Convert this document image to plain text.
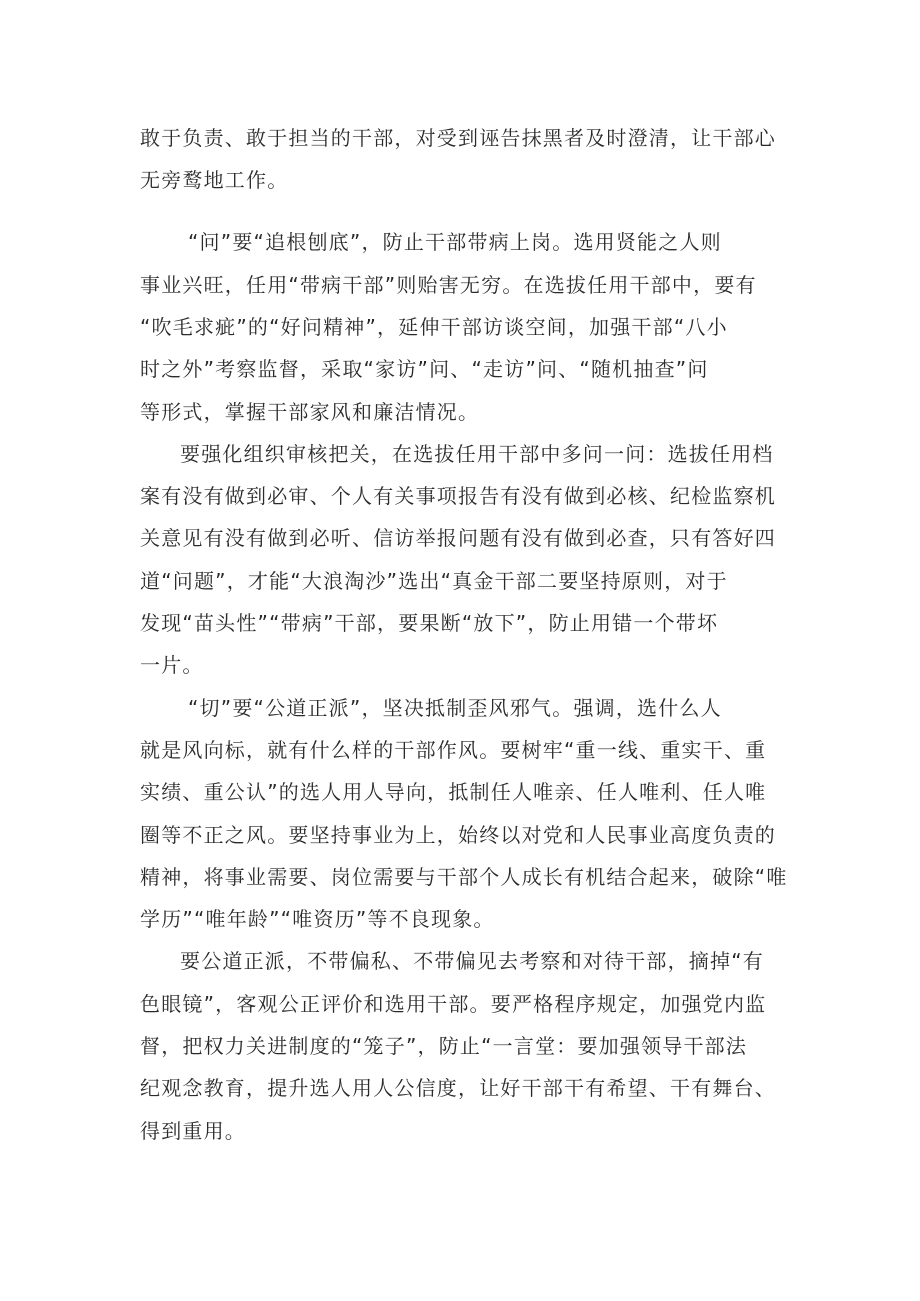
敢于负责、敢于担当的干部，对受到诬告抹黑者及时澄清，让干部心
无旁鹜地工作。
“问”要“追根刨底”，防止干部带病上岗。选用贤能之人则
事业兴旺，任用“带病干部”则贻害无穷。在选拔任用干部中，要有
“吹毛求疵”的“好问精神”，延伸干部访谈空间，加强干部“八小
时之外”考察监督，采取“家访”问、“走访”问、“随机抽查”问
等形式，掌握干部家风和廉洁情况。
要强化组织审核把关，在选拔任用干部中多问一问：选拔任用档
案有没有做到必审、个人有关事项报告有没有做到必核、纪检监察机
关意见有没有做到必听、信访举报问题有没有做到必查，只有答好四
道“问题”，才能“大浪淘沙”选出“真金干部二要坚持原则，对于
发现“苗头性”“带病”干部，要果断“放下”，防止用错一个带坏
一片。
“切”要“公道正派”，坚决抵制歪风邪气。强调，选什么人
就是风向标，就有什么样的干部作风。要树牢“重一线、重实干、重
实绩、重公认”的选人用人导向，抵制任人唯亲、任人唯利、任人唯
圈等不正之风。要坚持事业为上，始终以对党和人民事业高度负责的
精神，将事业需要、岗位需要与干部个人成长有机结合起来，破除“唯
学历”“唯年龄”“唯资历”等不良现象。
要公道正派，不带偏私、不带偏见去考察和对待干部，摘掉“有
色眼镜”，客观公正评价和选用干部。要严格程序规定，加强党内监
督，把权力关进制度的“笼子”，防止“一言堂：要加强领导干部法
纪观念教育，提升选人用人公信度，让好干部干有希望、干有舞台、
得到重用。
